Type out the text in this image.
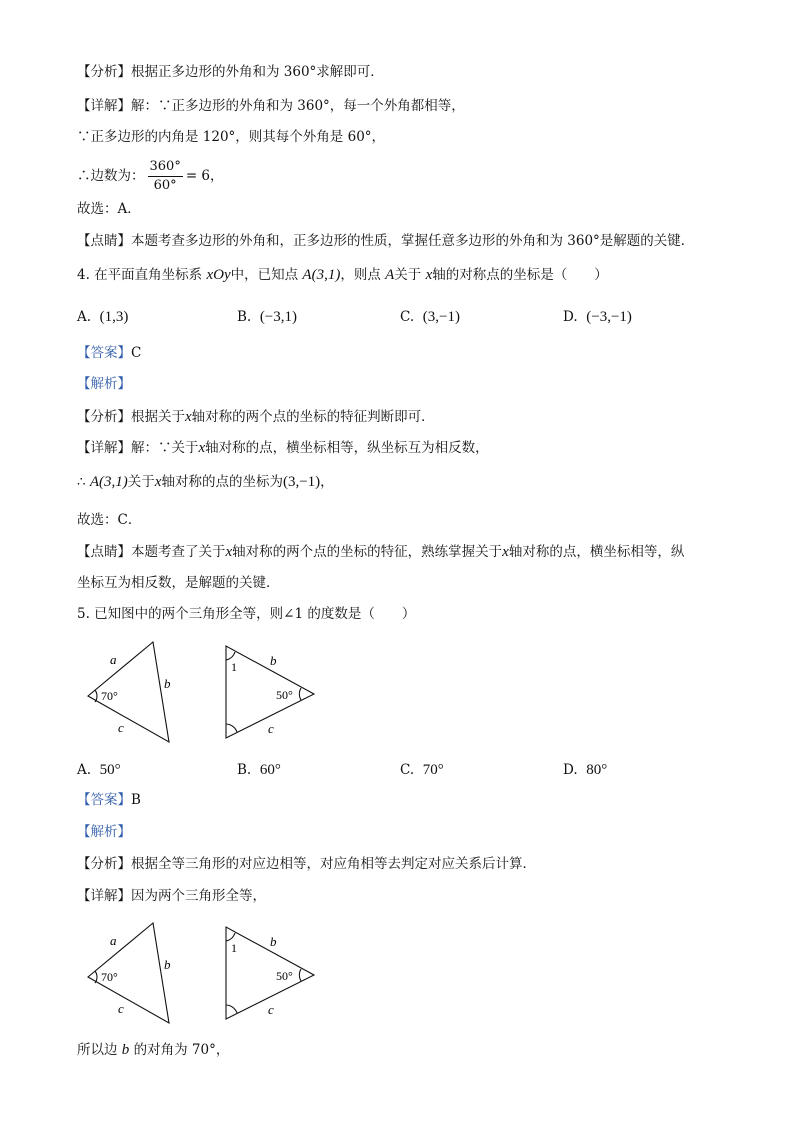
【分析】根据正多边形的外角和为 360°求解即可．
【详解】解：∵正多边形的外角和为 360°，每一个外角都相等，
∵正多边形的内角是 120°，则其每个外角是 60°，
∴边数为： $\frac{360^\circ}{60^\circ} = 6$，
故选：A．
【点睛】本题考查多边形的外角和，正多边形的性质，掌握任意多边形的外角和为 360°是解题的关键．
4. 在平面直角坐标系 xOy中，已知点 A(3,1)，则点 A关于 x轴的对称点的坐标是（　　）
A. (1,3)	B. (−3,1)	C. (3,−1)	D. (−3,−1)
【答案】C
【解析】
【分析】根据关于x轴对称的两个点的坐标的特征判断即可．
【详解】解：∵关于x轴对称的点，横坐标相等，纵坐标互为相反数，
∴ A(3,1)关于x轴对称的点的坐标为(3,−1)，
故选：C．
【点睛】本题考查了关于x轴对称的两个点的坐标的特征，熟练掌握关于x轴对称的点，横坐标相等，纵
坐标互为相反数，是解题的关键．
5. 已知图中的两个三角形全等，则∠1 的度数是（　　）
a
b
c
70°
1	b
50°
c
A. 50°	B. 60°	C. 70°	D. 80°
【答案】B
【解析】
【分析】根据全等三角形的对应边相等，对应角相等去判定对应关系后计算．
【详解】因为两个三角形全等，
a
b
c
70°
1	b
50°
c
所以边 b 的对角为 70°，
